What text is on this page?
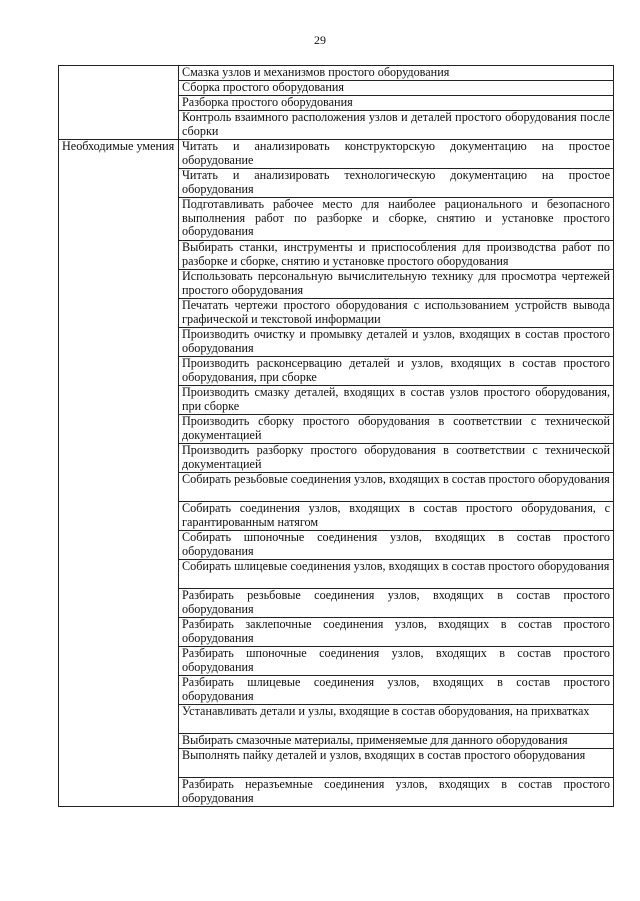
29
	Смазка узлов и механизмов простого оборудования
	Сборка простого оборудования
	Разборка простого оборудования
	Контроль взаимного расположения узлов и деталей простого оборудования после сборки
Необходимые умения	Читать и анализировать конструкторскую документацию на простое оборудование
	Читать и анализировать технологическую документацию на простое оборудования
	Подготавливать рабочее место для наиболее рационального и безопасного выполнения работ по разборке и сборке, снятию и установке простого оборудования
	Выбирать станки, инструменты и приспособления для производства работ по разборке и сборке, снятию и установке простого оборудования
	Использовать персональную вычислительную технику для просмотра чертежей простого оборудования
	Печатать чертежи простого оборудования с использованием устройств вывода графической и текстовой информации
	Производить очистку и промывку деталей и узлов, входящих в состав простого оборудования
	Производить расконсервацию деталей и узлов, входящих в состав простого оборудования, при сборке
	Производить смазку деталей, входящих в состав узлов простого оборудования, при сборке
	Производить сборку простого оборудования в соответствии с технической документацией
	Производить разборку простого оборудования в соответствии с технической документацией
	Собирать резьбовые соединения узлов, входящих в состав простого оборудования
	Собирать соединения узлов, входящих в состав простого оборудования, с гарантированным натягом
	Собирать шпоночные соединения узлов, входящих в состав простого оборудования
	Собирать шлицевые соединения узлов, входящих в состав простого оборудования
	Разбирать резьбовые соединения узлов, входящих в состав простого оборудования
	Разбирать заклепочные соединения узлов, входящих в состав простого оборудования
	Разбирать шпоночные соединения узлов, входящих в состав простого оборудования
	Разбирать шлицевые соединения узлов, входящих в состав простого оборудования
	Устанавливать детали и узлы, входящие в состав оборудования, на прихватках
	Выбирать смазочные материалы, применяемые для данного оборудования
	Выполнять пайку деталей и узлов, входящих в состав простого оборудования
	Разбирать неразъемные соединения узлов, входящих в состав простого оборудования
